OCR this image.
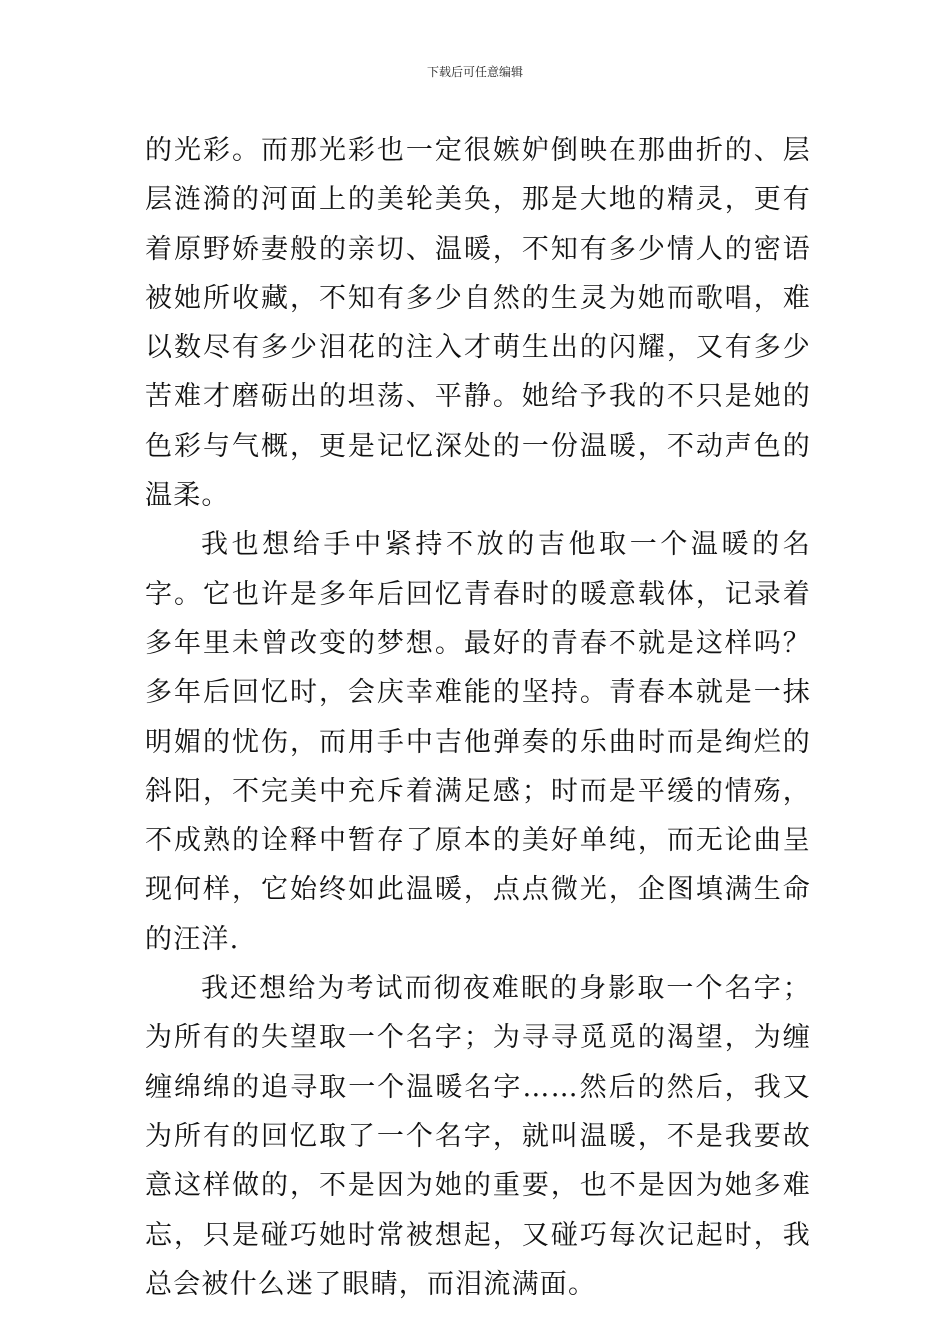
下载后可任意编辑

的光彩。而那光彩也一定很嫉妒倒映在那曲折的、层层涟漪的河面上的美轮美奂，那是大地的精灵，更有着原野娇妻般的亲切、温暖，不知有多少情人的密语被她所收藏，不知有多少自然的生灵为她而歌唱，难以数尽有多少泪花的注入才萌生出的闪耀，又有多少苦难才磨砺出的坦荡、平静。她给予我的不只是她的色彩与气概，更是记忆深处的一份温暖，不动声色的温柔。

我也想给手中紧持不放的吉他取一个温暖的名字。它也许是多年后回忆青春时的暖意载体，记录着多年里未曾改变的梦想。最好的青春不就是这样吗？多年后回忆时，会庆幸难能的坚持。青春本就是一抹明媚的忧伤，而用手中吉他弹奏的乐曲时而是绚烂的斜阳，不完美中充斥着满足感；时而是平缓的情殇，不成熟的诠释中暂存了原本的美好单纯，而无论曲呈现何样，它始终如此温暖，点点微光，企图填满生命的汪洋.

我还想给为考试而彻夜难眠的身影取一个名字；为所有的失望取一个名字；为寻寻觅觅的渴望，为缠缠绵绵的追寻取一个温暖名字……然后的然后，我又为所有的回忆取了一个名字，就叫温暖，不是我要故意这样做的，不是因为她的重要，也不是因为她多难忘，只是碰巧她时常被想起，又碰巧每次记起时，我总会被什么迷了眼睛，而泪流满面。
